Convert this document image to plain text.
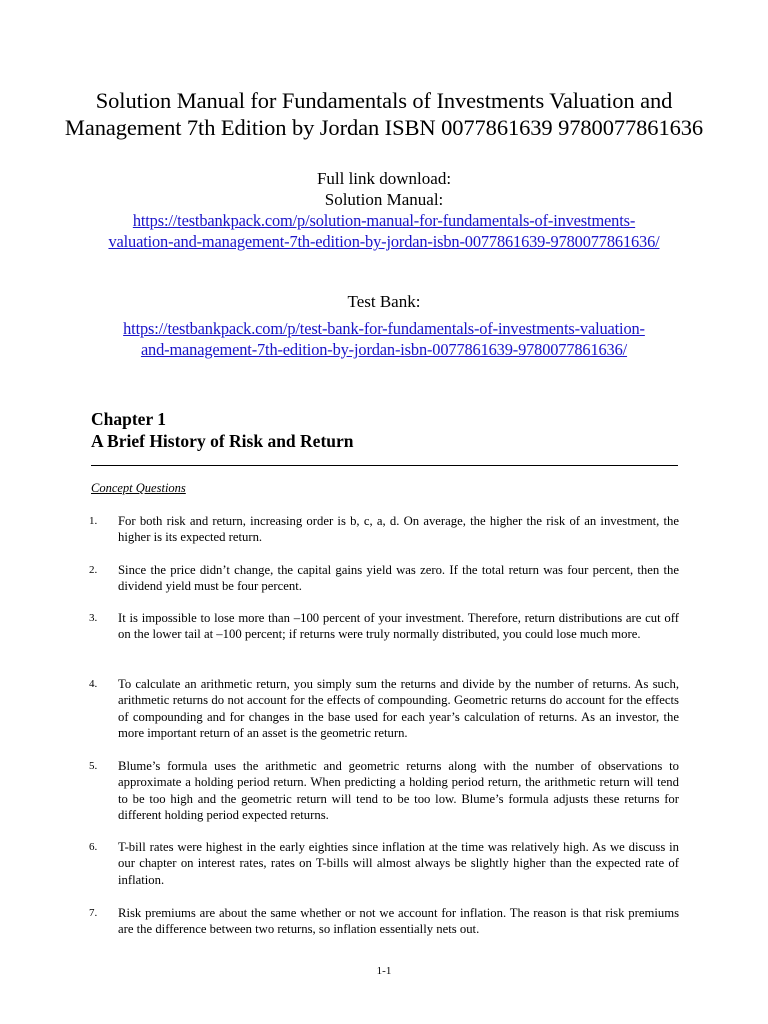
Solution Manual for Fundamentals of Investments Valuation and Management 7th Edition by Jordan ISBN 0077861639 9780077861636
Full link download:
Solution Manual:
https://testbankpack.com/p/solution-manual-for-fundamentals-of-investments-
valuation-and-management-7th-edition-by-jordan-isbn-0077861639-9780077861636/
Test Bank:
https://testbankpack.com/p/test-bank-for-fundamentals-of-investments-valuation-
and-management-7th-edition-by-jordan-isbn-0077861639-9780077861636/
Chapter 1
A Brief History of Risk and Return
Concept Questions
1.	For both risk and return, increasing order is b, c, a, d. On average, the higher the risk of an investment, the higher is its expected return.
2.	Since the price didn’t change, the capital gains yield was zero. If the total return was four percent, then the dividend yield must be four percent.
3.	It is impossible to lose more than –100 percent of your investment. Therefore, return distributions are cut off on the lower tail at –100 percent; if returns were truly normally distributed, you could lose much more.
4.	To calculate an arithmetic return, you simply sum the returns and divide by the number of returns. As such, arithmetic returns do not account for the effects of compounding. Geometric returns do account for the effects of compounding and for changes in the base used for each year’s calculation of returns. As an investor, the more important return of an asset is the geometric return.
5.	Blume’s formula uses the arithmetic and geometric returns along with the number of observations to approximate a holding period return. When predicting a holding period return, the arithmetic return will tend to be too high and the geometric return will tend to be too low. Blume’s formula adjusts these returns for different holding period expected returns.
6.	T-bill rates were highest in the early eighties since inflation at the time was relatively high. As we discuss in our chapter on interest rates, rates on T-bills will almost always be slightly higher than the expected rate of inflation.
7.	Risk premiums are about the same whether or not we account for inflation. The reason is that risk premiums are the difference between two returns, so inflation essentially nets out.
1-1
